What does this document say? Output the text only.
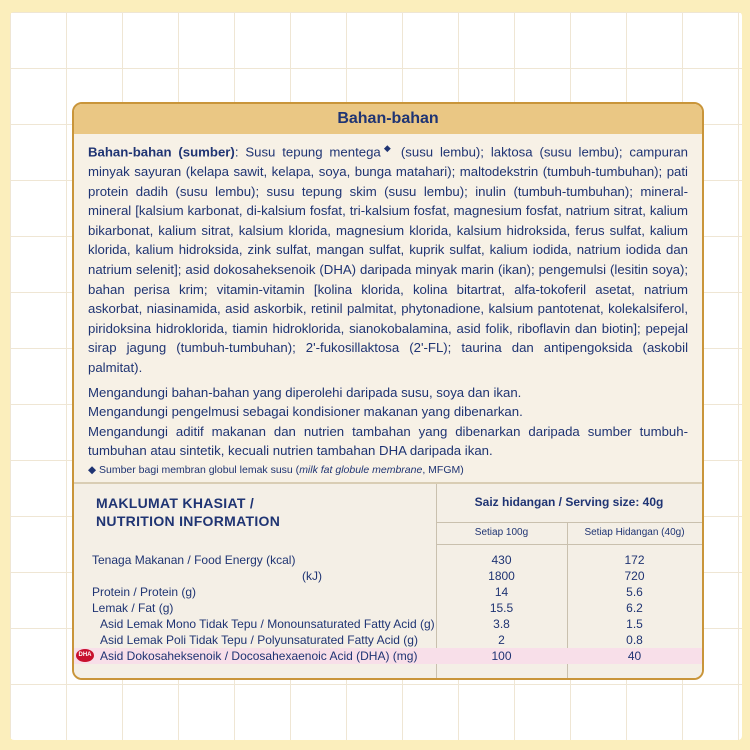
Bahan-bahan

Bahan-bahan (sumber): Susu tepung mentega◆ (susu lembu); laktosa (susu lembu); campuran minyak sayuran (kelapa sawit, kelapa, soya, bunga matahari); maltodekstrin (tumbuh-tumbuhan); pati protein dadih (susu lembu); susu tepung skim (susu lembu); inulin (tumbuh-tumbuhan); mineral-mineral [kalsium karbonat, di-kalsium fosfat, tri-kalsium fosfat, magnesium fosfat, natrium sitrat, kalium bikarbonat, kalium sitrat, kalsium klorida, magnesium klorida, kalsium hidroksida, ferus sulfat, kalium klorida, kalium hidroksida, zink sulfat, mangan sulfat, kuprik sulfat, kalium iodida, natrium iodida dan natrium selenit]; asid dokosaheksenoik (DHA) daripada minyak marin (ikan); pengemulsi (lesitin soya); bahan perisa krim; vitamin-vitamin [kolina klorida, kolina bitartrat, alfa-tokoferil asetat, natrium askorbat, niasinamida, asid askorbik, retinil palmitat, phytonadione, kalsium pantotenat, kolekalsiferol, piridoksina hidroklorida, tiamin hidroklorida, sianokobalamina, asid folik, riboflavin dan biotin]; pepejal sirap jagung (tumbuh-tumbuhan); 2'-fukosillaktosa (2'-FL); taurina dan antipengoksida (askobil palmitat).

Mengandungi bahan-bahan yang diperolehi daripada susu, soya dan ikan.

Mengandungi pengelmusi sebagai kondisioner makanan yang dibenarkan.

Mengandungi aditif makanan dan nutrien tambahan yang dibenarkan daripada sumber tumbuh-tumbuhan atau sintetik, kecuali nutrien tambahan DHA daripada ikan.

◆ Sumber bagi membran globul lemak susu (milk fat globule membrane, MFGM)

MAKLUMAT KHASIAT /
NUTRITION INFORMATION
Saiz hidangan / Serving size: 40g
Setiap 100g	Setiap Hidangan (40g)
Tenaga Makanan / Food Energy (kcal)	430	172
(kJ)	1800	720
Protein / Protein (g)	14	5.6
Lemak / Fat (g)	15.5	6.2
Asid Lemak Mono Tidak Tepu / Monounsaturated Fatty Acid (g)	3.8	1.5
Asid Lemak Poli Tidak Tepu / Polyunsaturated Fatty Acid (g)	2	0.8
DHA Asid Dokosaheksenoik / Docosahexaenoic Acid (DHA) (mg)	100	40
